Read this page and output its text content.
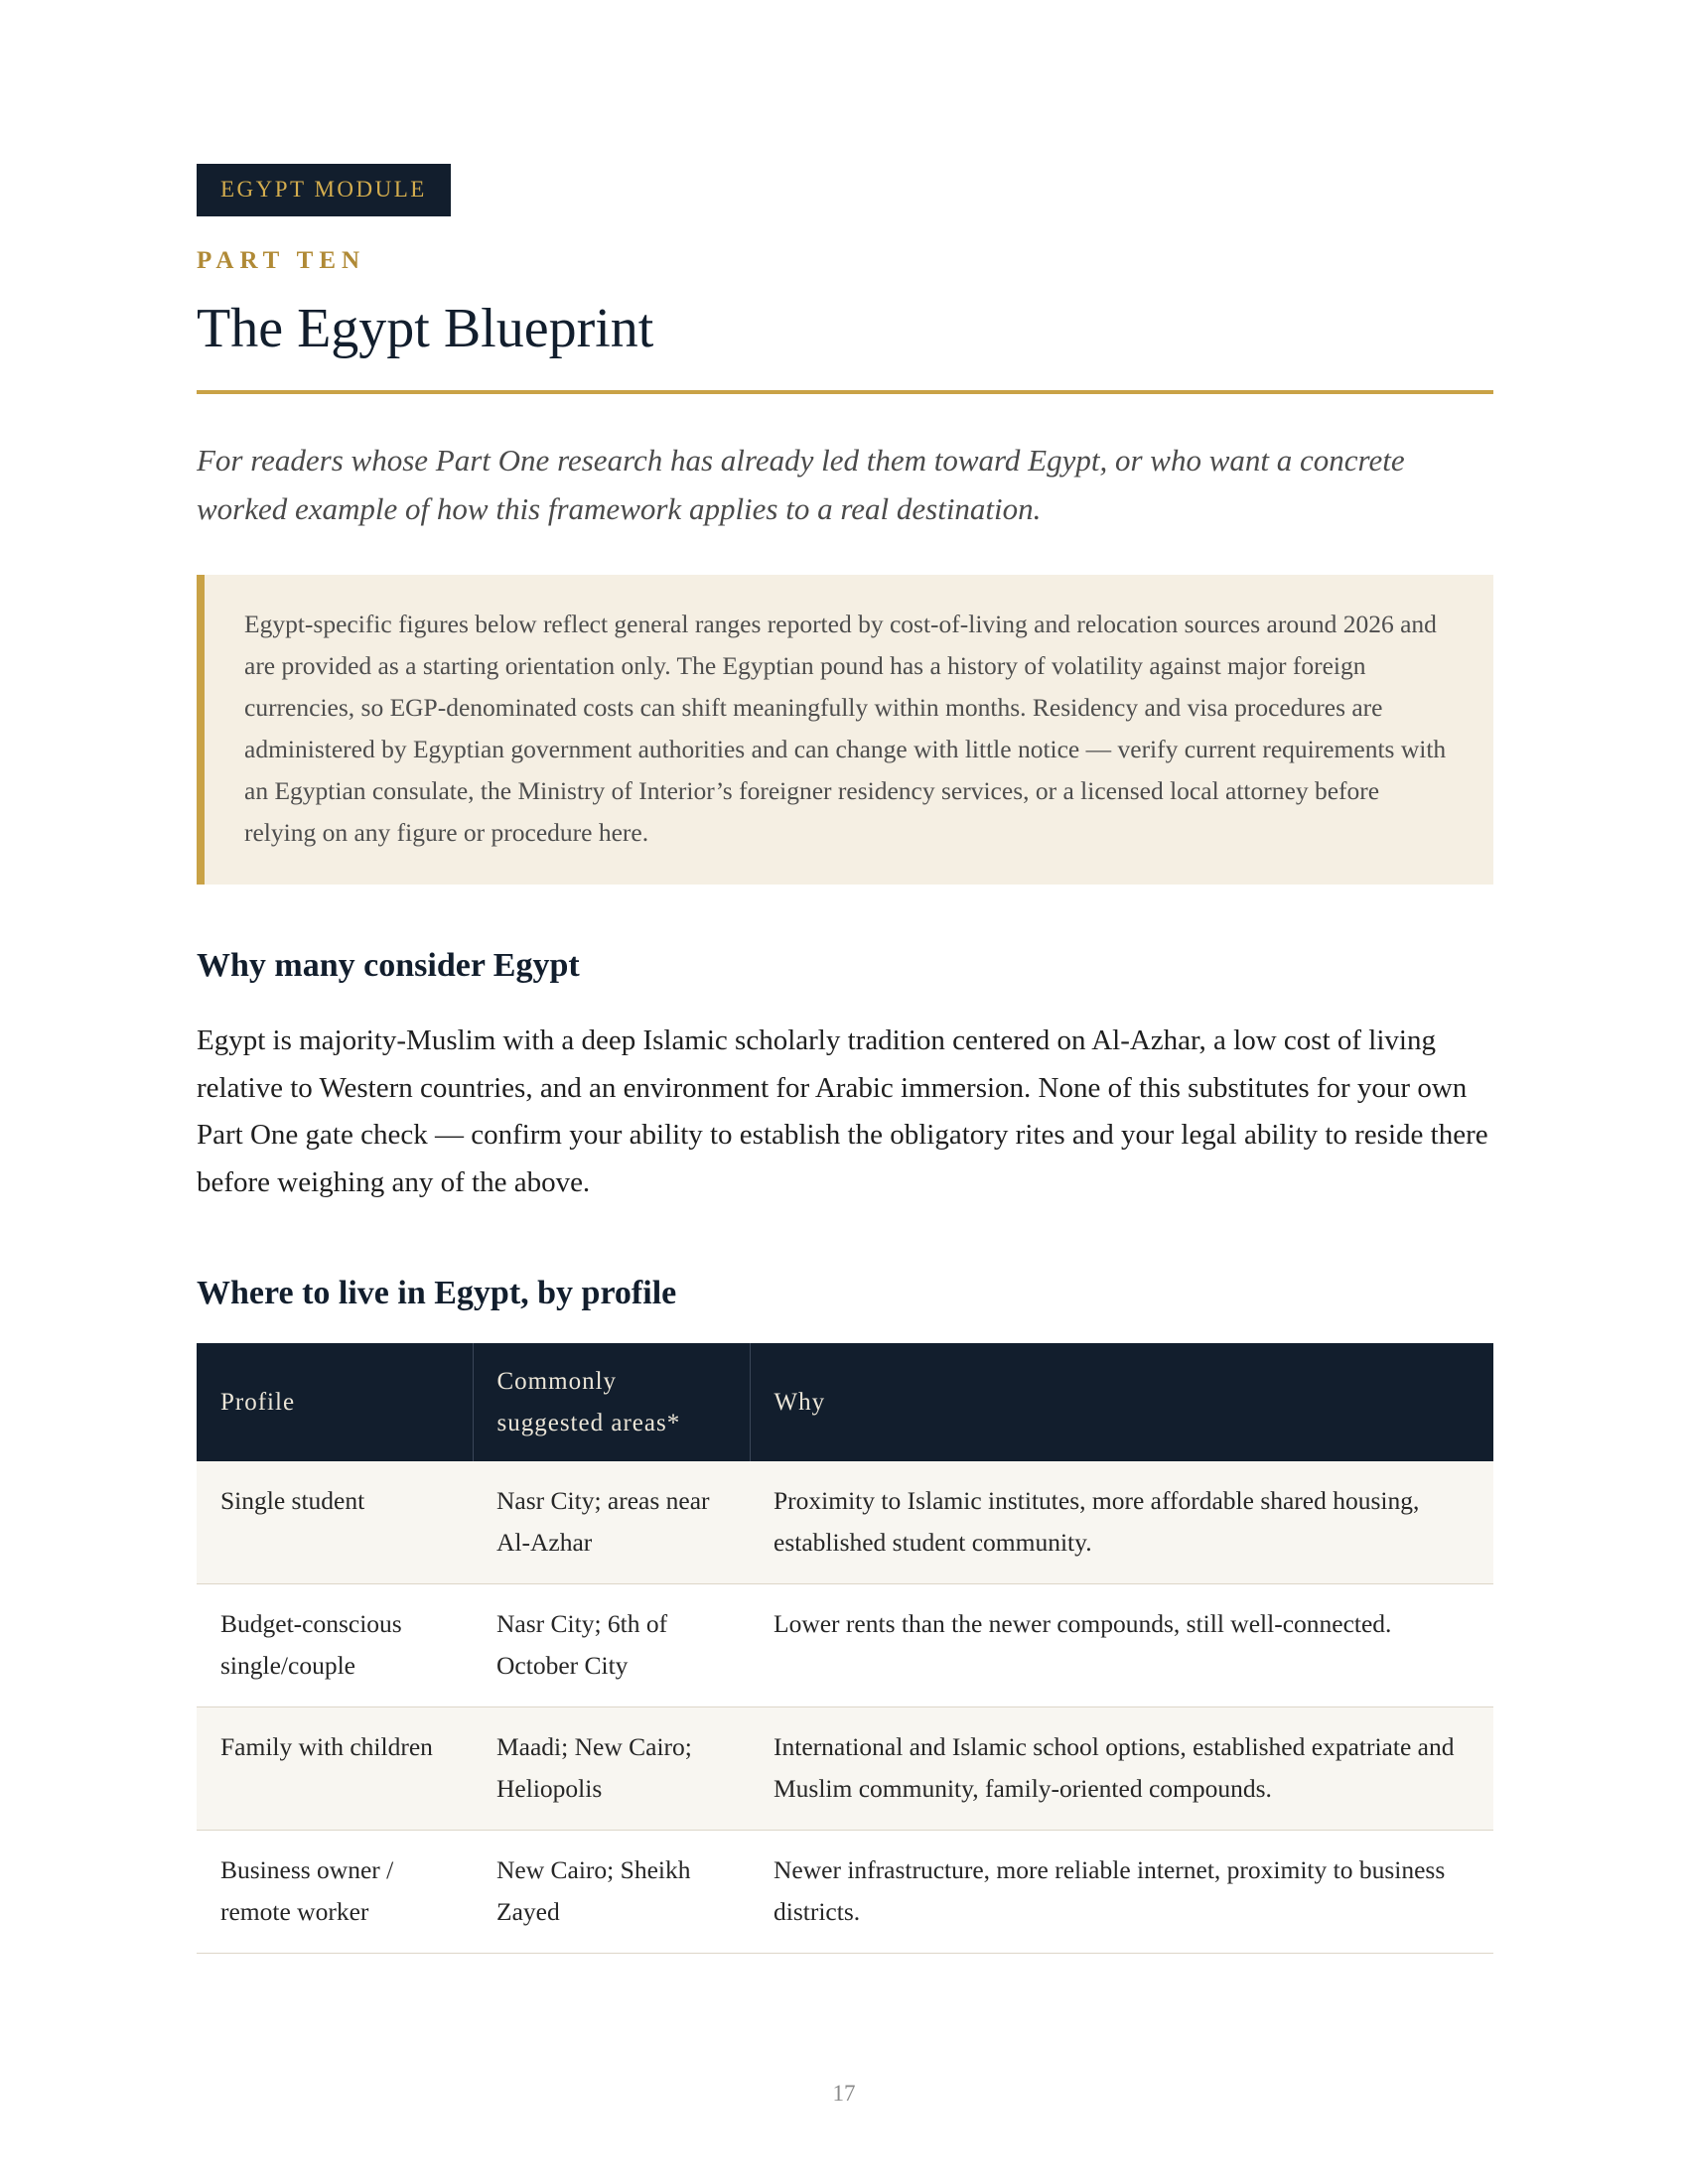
EGYPT MODULE
PART TEN
The Egypt Blueprint

For readers whose Part One research has already led them toward Egypt, or who want a concrete worked example of how this framework applies to a real destination.

Egypt-specific figures below reflect general ranges reported by cost-of-living and relocation sources around 2026 and are provided as a starting orientation only. The Egyptian pound has a history of volatility against major foreign currencies, so EGP-denominated costs can shift meaningfully within months. Residency and visa procedures are administered by Egyptian government authorities and can change with little notice — verify current requirements with an Egyptian consulate, the Ministry of Interior’s foreigner residency services, or a licensed local attorney before relying on any figure or procedure here.
Why many consider Egypt

Egypt is majority-Muslim with a deep Islamic scholarly tradition centered on Al-Azhar, a low cost of living relative to Western countries, and an environment for Arabic immersion. None of this substitutes for your own Part One gate check — confirm your ability to establish the obligatory rites and your legal ability to reside there before weighing any of the above.

Where to live in Egypt, by profile
Profile	Commonly suggested areas*	Why
Single student	Nasr City; areas near Al-Azhar	Proximity to Islamic institutes, more affordable shared housing, established student community.
Budget-conscious single/couple	Nasr City; 6th of October City	Lower rents than the newer compounds, still well-connected.
Family with children	Maadi; New Cairo; Heliopolis	International and Islamic school options, established expatriate and Muslim community, family-oriented compounds.
Business owner / remote worker	New Cairo; Sheikh Zayed	Newer infrastructure, more reliable internet, proximity to business districts.
17
